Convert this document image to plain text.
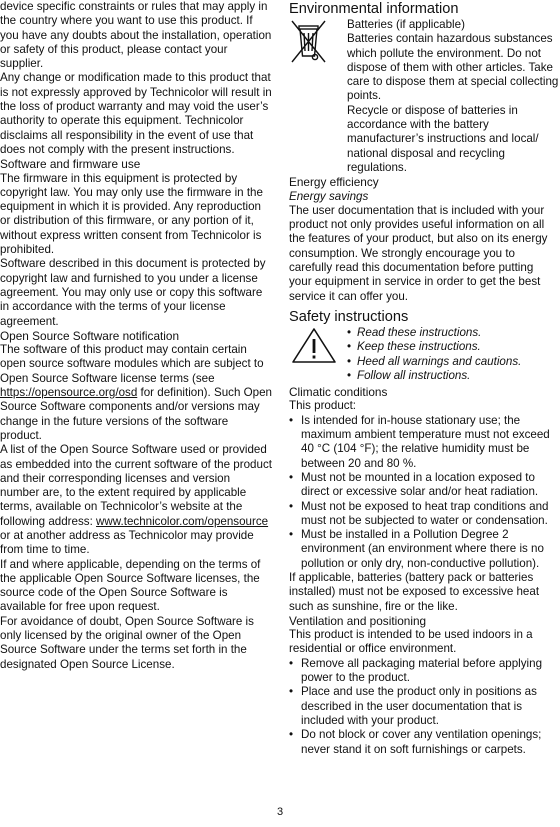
device specific constraints or rules that may apply in the country where you want to use this product. If you have any doubts about the installation, operation or safety of this product, please contact your supplier.

Any change or modification made to this product that is not expressly approved by Technicolor will result in the loss of product warranty and may void the user’s authority to operate this equipment. Technicolor disclaims all responsibility in the event of use that does not comply with the present instructions.

Software and firmware use

The firmware in this equipment is protected by copyright law. You may only use the firmware in the equipment in which it is provided. Any reproduction or distribution of this firmware, or any portion of it, without express written consent from Technicolor is prohibited.

Software described in this document is protected by copyright law and furnished to you under a license agreement. You may only use or copy this software in accordance with the terms of your license agreement.

Open Source Software notification

The software of this product may contain certain open source software modules which are subject to Open Source Software license terms (see https://opensource.org/osd for definition). Such Open Source Software components and/or versions may change in the future versions of the software product.

A list of the Open Source Software used or provided as embedded into the current software of the product and their corresponding licenses and version number are, to the extent required by applicable terms, available on Technicolor’s website at the following address: www.technicolor.com/opensource or at another address as Technicolor may provide from time to time.

If and where applicable, depending on the terms of the applicable Open Source Software licenses, the source code of the Open Source Software is available for free upon request.

For avoidance of doubt, Open Source Software is only licensed by the original owner of the Open Source Software under the terms set forth in the designated Open Source License.

Environmental information

Batteries (if applicable)

Batteries contain hazardous substances which pollute the environment. Do not dispose of them with other articles. Take care to dispose them at special collecting points.

Recycle or dispose of batteries in accordance with the battery manufacturer’s instructions and local/ national disposal and recycling regulations.

Energy efficiency

Energy savings

The user documentation that is included with your product not only provides useful information on all the features of your product, but also on its energy consumption. We strongly encourage you to carefully read this documentation before putting your equipment in service in order to get the best service it can offer you.

Safety instructions
• Read these instructions.
• Keep these instructions.
• Heed all warnings and cautions.
• Follow all instructions.
Climatic conditions

This product:

• Is intended for in-house stationary use; the maximum ambient temperature must not exceed 40 °C (104 °F); the relative humidity must be between 20 and 80 %.
• Must not be mounted in a location exposed to direct or excessive solar and/or heat radiation.
• Must not be exposed to heat trap conditions and must not be subjected to water or condensation.
• Must be installed in a Pollution Degree 2 environment (an environment where there is no pollution or only dry, non-conductive pollution).

If applicable, batteries (battery pack or batteries installed) must not be exposed to excessive heat such as sunshine, fire or the like.

Ventilation and positioning

This product is intended to be used indoors in a residential or office environment.

• Remove all packaging material before applying power to the product.
• Place and use the product only in positions as described in the user documentation that is included with your product.
• Do not block or cover any ventilation openings; never stand it on soft furnishings or carpets.
3
